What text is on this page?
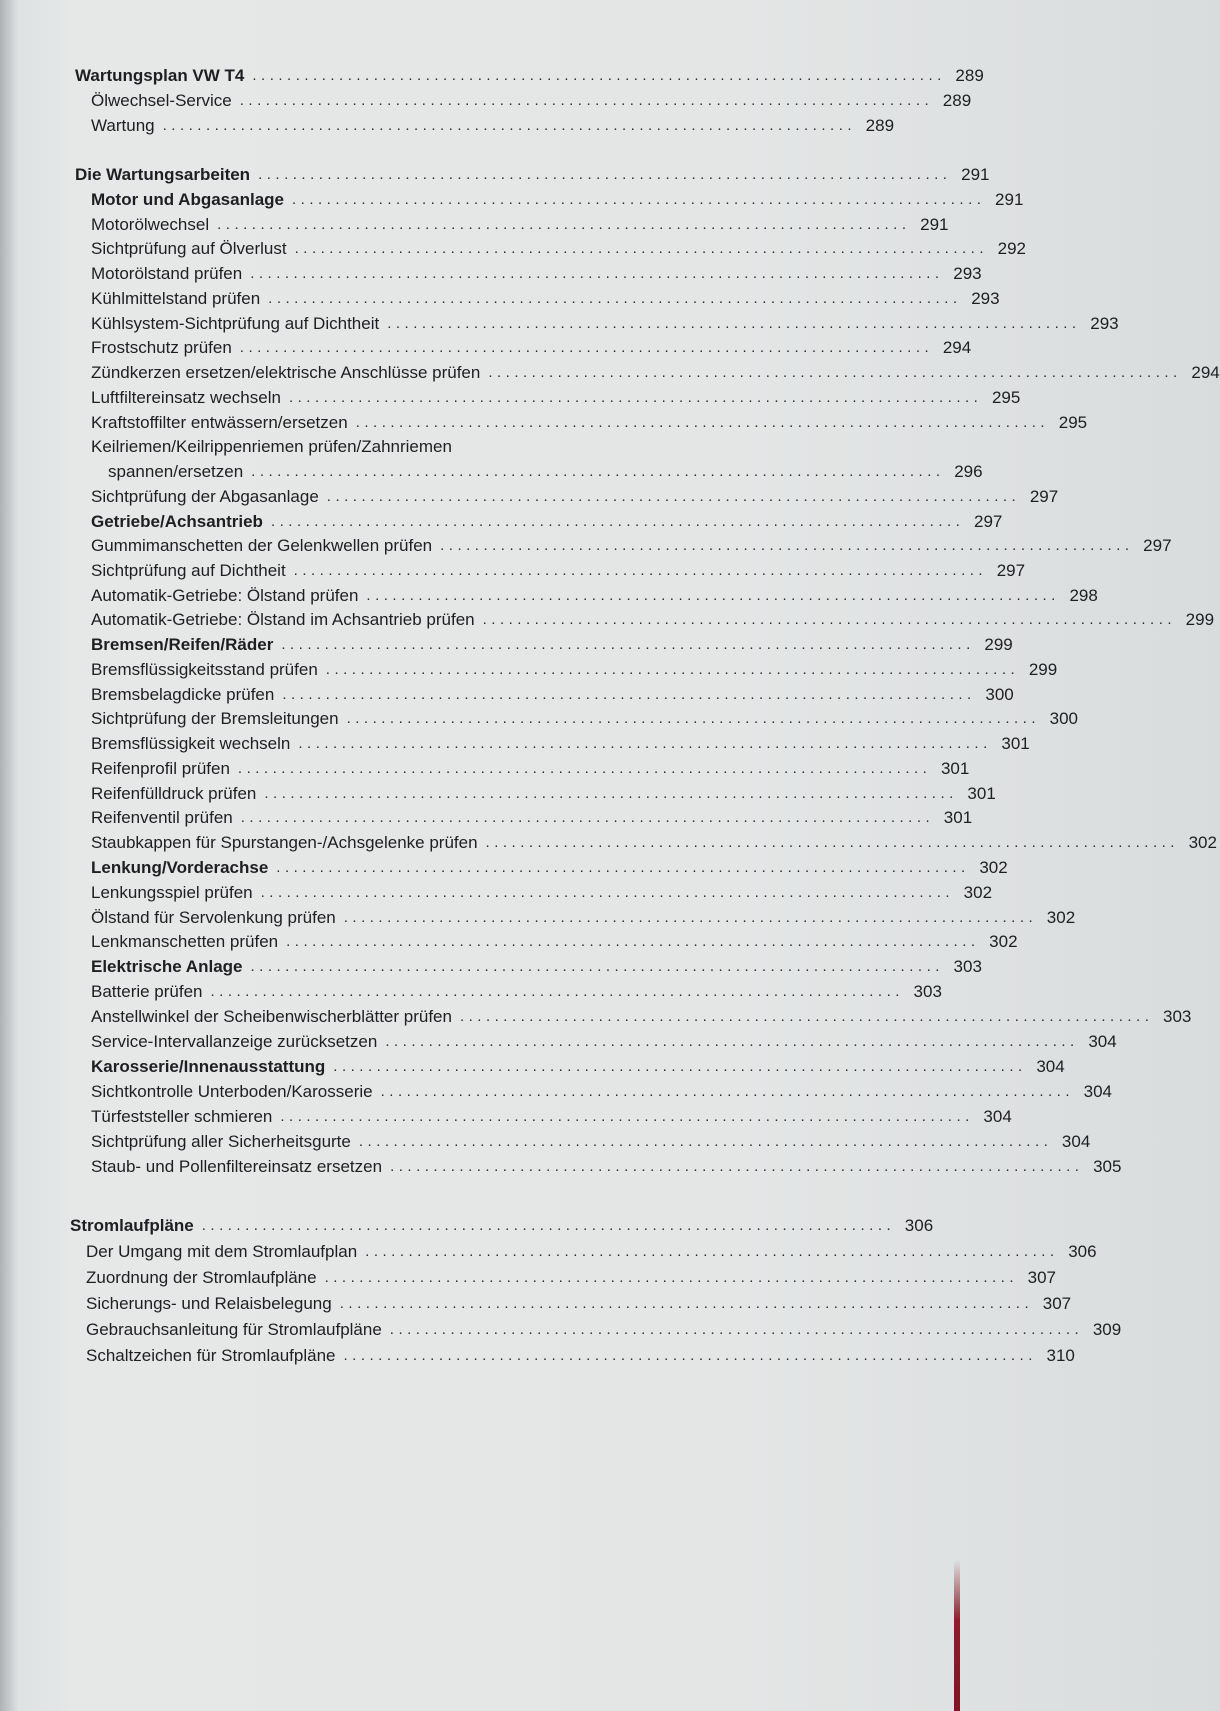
Wartungsplan VW T4 ................................................................................ 289
Ölwechsel-Service ................................................................................ 289
Wartung ................................................................................ 289
Die Wartungsarbeiten ................................................................................ 291
Motor und Abgasanlage ................................................................................ 291
Motorölwechsel ................................................................................ 291
Sichtprüfung auf Ölverlust ................................................................................ 292
Motorölstand prüfen ................................................................................ 293
Kühlmittelstand prüfen ................................................................................ 293
Kühlsystem-Sichtprüfung auf Dichtheit ................................................................................ 293
Frostschutz prüfen ................................................................................ 294
Zündkerzen ersetzen/elektrische Anschlüsse prüfen ................................................................................ 294
Luftfiltereinsatz wechseln ................................................................................ 295
Kraftstoffilter entwässern/ersetzen ................................................................................ 295
Keilriemen/Keilrippenriemen prüfen/Zahnriemen
spannen/ersetzen ................................................................................ 296
Sichtprüfung der Abgasanlage ................................................................................ 297
Getriebe/Achsantrieb ................................................................................ 297
Gummimanschetten der Gelenkwellen prüfen ................................................................................ 297
Sichtprüfung auf Dichtheit ................................................................................ 297
Automatik-Getriebe: Ölstand prüfen ................................................................................ 298
Automatik-Getriebe: Ölstand im Achsantrieb prüfen ................................................................................ 299
Bremsen/Reifen/Räder ................................................................................ 299
Bremsflüssigkeitsstand prüfen ................................................................................ 299
Bremsbelagdicke prüfen ................................................................................ 300
Sichtprüfung der Bremsleitungen ................................................................................ 300
Bremsflüssigkeit wechseln ................................................................................ 301
Reifenprofil prüfen ................................................................................ 301
Reifenfülldruck prüfen ................................................................................ 301
Reifenventil prüfen ................................................................................ 301
Staubkappen für Spurstangen-/Achsgelenke prüfen ................................................................................ 302
Lenkung/Vorderachse ................................................................................ 302
Lenkungsspiel prüfen ................................................................................ 302
Ölstand für Servolenkung prüfen ................................................................................ 302
Lenkmanschetten prüfen ................................................................................ 302
Elektrische Anlage ................................................................................ 303
Batterie prüfen ................................................................................ 303
Anstellwinkel der Scheibenwischerblätter prüfen ................................................................................ 303
Service-Intervallanzeige zurücksetzen ................................................................................ 304
Karosserie/Innenausstattung ................................................................................ 304
Sichtkontrolle Unterboden/Karosserie ................................................................................ 304
Türfeststeller schmieren ................................................................................ 304
Sichtprüfung aller Sicherheitsgurte ................................................................................ 304
Staub- und Pollenfiltereinsatz ersetzen ................................................................................ 305
Stromlaufpläne ................................................................................ 306
Der Umgang mit dem Stromlaufplan ................................................................................ 306
Zuordnung der Stromlaufpläne ................................................................................ 307
Sicherungs- und Relaisbelegung ................................................................................ 307
Gebrauchsanleitung für Stromlaufpläne ................................................................................ 309
Schaltzeichen für Stromlaufpläne ................................................................................ 310
